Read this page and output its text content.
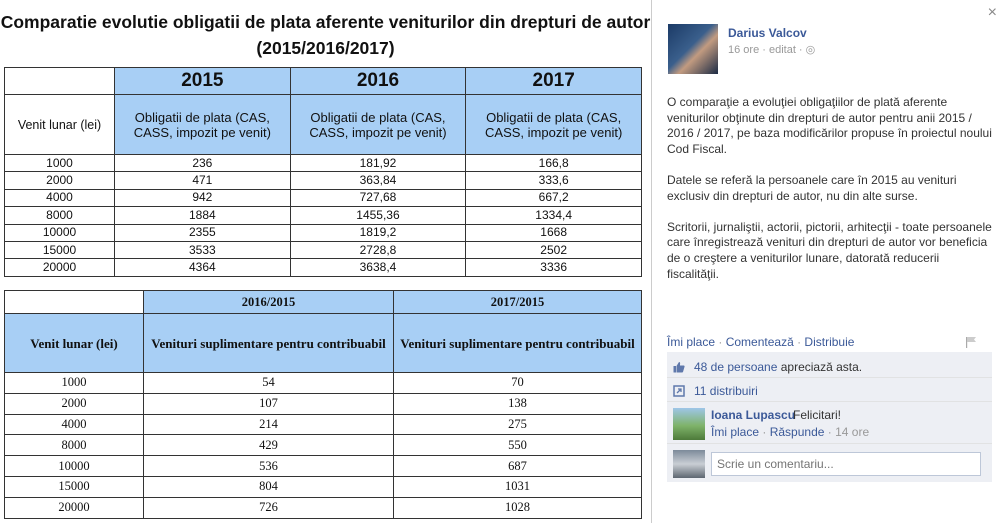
Comparatie evolutie obligatii de plata aferente veniturilor din drepturi de autor
(2015/2016/2017)
	2015	2016	2017
Venit lunar (lei)	Obligatii de plata (CAS, CASS, impozit pe venit)	Obligatii de plata (CAS, CASS, impozit pe venit)	Obligatii de plata (CAS, CASS, impozit pe venit)
1000	236	181,92	166,8
2000	471	363,84	333,6
4000	942	727,68	667,2
8000	1884	1455,36	1334,4
10000	2355	1819,2	1668
15000	3533	2728,8	2502
20000	4364	3638,4	3336
	2016/2015	2017/2015
Venit lunar (lei)	Venituri suplimentare pentru contribuabil	Venituri suplimentare pentru contribuabil
1000	54	70
2000	107	138
4000	214	275
8000	429	550
10000	536	687
15000	804	1031
20000	726	1028
×
Darius Valcov
16 ore · editat · ◎

O comparaţie a evoluţiei obligaţiilor de plată aferente veniturilor obţinute din drepturi de autor pentru anii 2015 / 2016 / 2017, pe baza modificărilor propuse în proiectul noului Cod Fiscal.

Datele se referă la persoanele care în 2015 au venituri exclusiv din drepturi de autor, nu din alte surse.

Scritorii, jurnaliştii, actorii, pictorii, arhitecţii - toate persoanele care înregistrează venituri din drepturi de autor vor beneficia de o creştere a veniturilor lunare, datorată reducerii fiscalităţii.

Îmi place · Comentează · Distribuie
48 de persoane apreciază asta.
11 distribuiri
Ioana Lupascu
Felicitari!
Îmi place · Răspunde · 14 ore
Scrie un comentariu...
